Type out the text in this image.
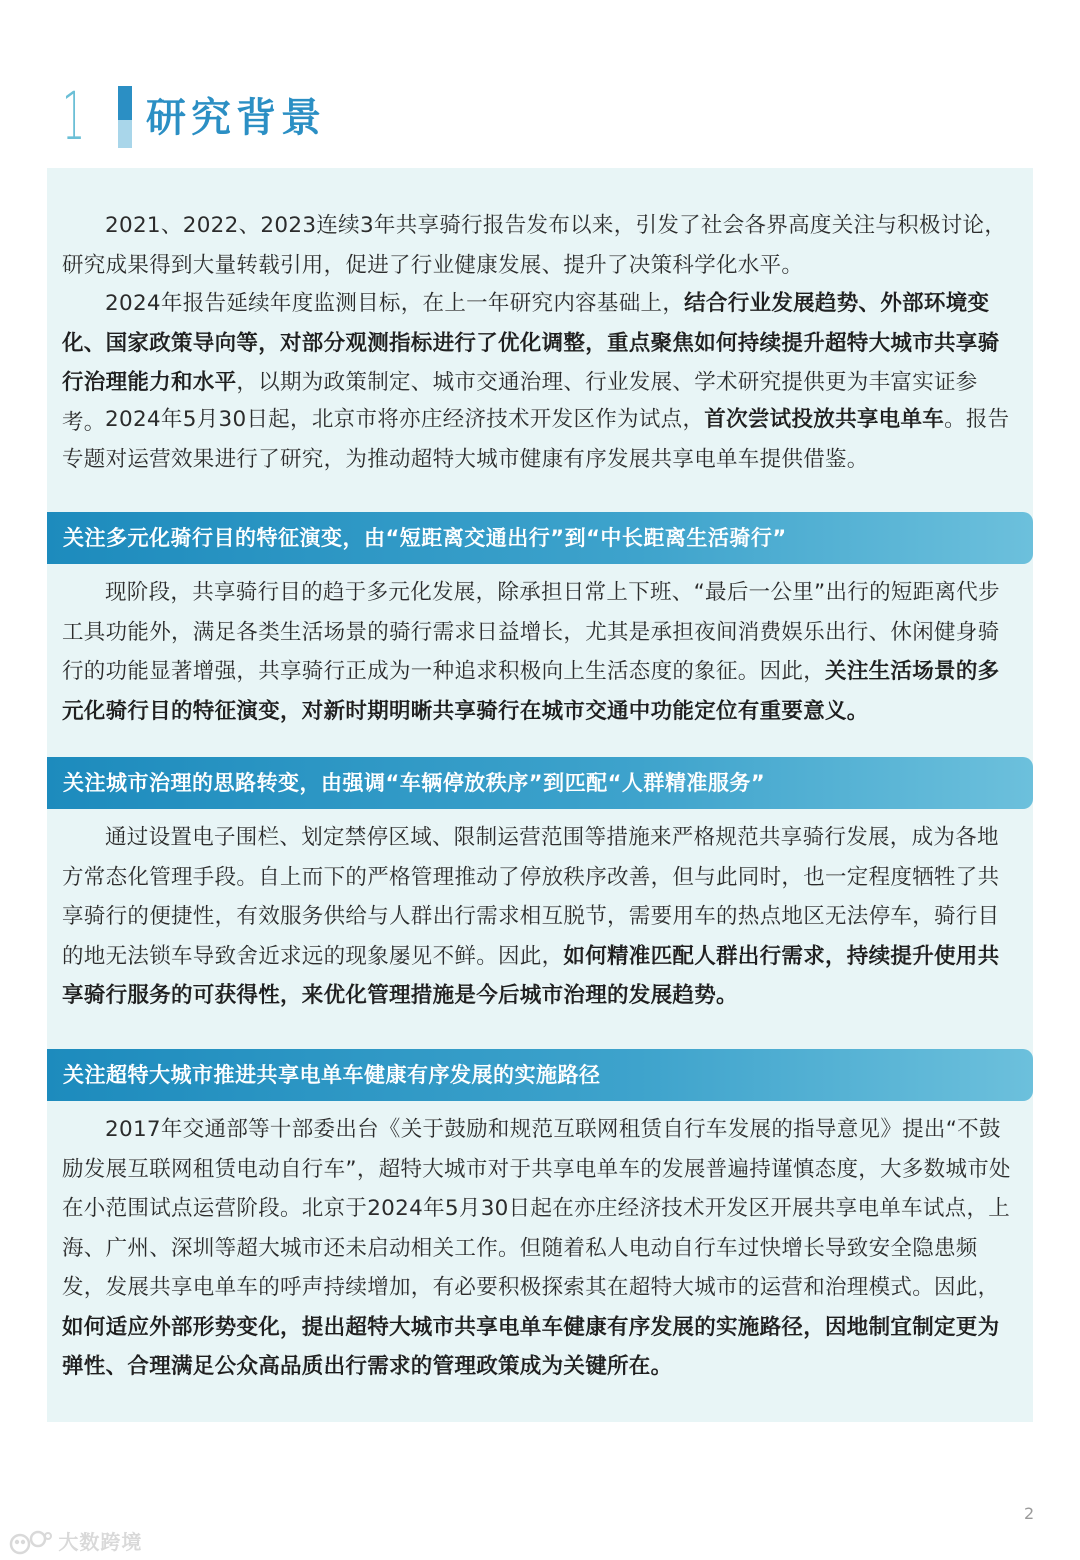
1 研究背景

2021、2022、2023连续3年共享骑行报告发布以来，引发了社会各界高度关注与积极讨论，研究成果得到大量转载引用，促进了行业健康发展、提升了决策科学化水平。

2024年报告延续年度监测目标，在上一年研究内容基础上，结合行业发展趋势、外部环境变化、国家政策导向等，对部分观测指标进行了优化调整，重点聚焦如何持续提升超特大城市共享骑行治理能力和水平，以期为政策制定、城市交通治理、行业发展、学术研究提供更为丰富实证参考。 2024年5月30日起，北京市将亦庄经济技术开发区作为试点，首次尝试投放共享电单车。报告专题对运营效果进行了研究，为推动超特大城市健康有序发展共享电单车提供借鉴。

关注多元化骑行目的特征演变，由“短距离交通出行”到“中长距离生活骑行”

现阶段，共享骑行目的趋于多元化发展，除承担日常上下班、“最后一公里”出行的短距离代步工具功能外，满足各类生活场景的骑行需求日益增长，尤其是承担夜间消费娱乐出行、休闲健身骑行的功能显著增强，共享骑行正成为一种追求积极向上生活态度的象征。因此，关注生活场景的多元化骑行目的特征演变，对新时期明晰共享骑行在城市交通中功能定位有重要意义。

关注城市治理的思路转变，由强调“车辆停放秩序”到匹配“人群精准服务”

通过设置电子围栏、划定禁停区域、限制运营范围等措施来严格规范共享骑行发展，成为各地方常态化管理手段。自上而下的严格管理推动了停放秩序改善，但与此同时，也一定程度牺牲了共享骑行的便捷性，有效服务供给与人群出行需求相互脱节，需要用车的热点地区无法停车，骑行目的地无法锁车导致舍近求远的现象屡见不鲜。因此，如何精准匹配人群出行需求，持续提升使用共享骑行服务的可获得性，来优化管理措施是今后城市治理的发展趋势。

关注超特大城市推进共享电单车健康有序发展的实施路径

2017年交通部等十部委出台《关于鼓励和规范互联网租赁自行车发展的指导意见》提出“不鼓励发展互联网租赁电动自行车”，超特大城市对于共享电单车的发展普遍持谨慎态度，大多数城市处在小范围试点运营阶段。北京于2024年5月30日起在亦庄经济技术开发区开展共享电单车试点，上海、广州、深圳等超大城市还未启动相关工作。但随着私人电动自行车过快增长导致安全隐患频发，发展共享电单车的呼声持续增加，有必要积极探索其在超特大城市的运营和治理模式。因此，如何适应外部形势变化，提出超特大城市共享电单车健康有序发展的实施路径，因地制宜制定更为弹性、合理满足公众高品质出行需求的管理政策成为关键所在。

2
大数跨境
